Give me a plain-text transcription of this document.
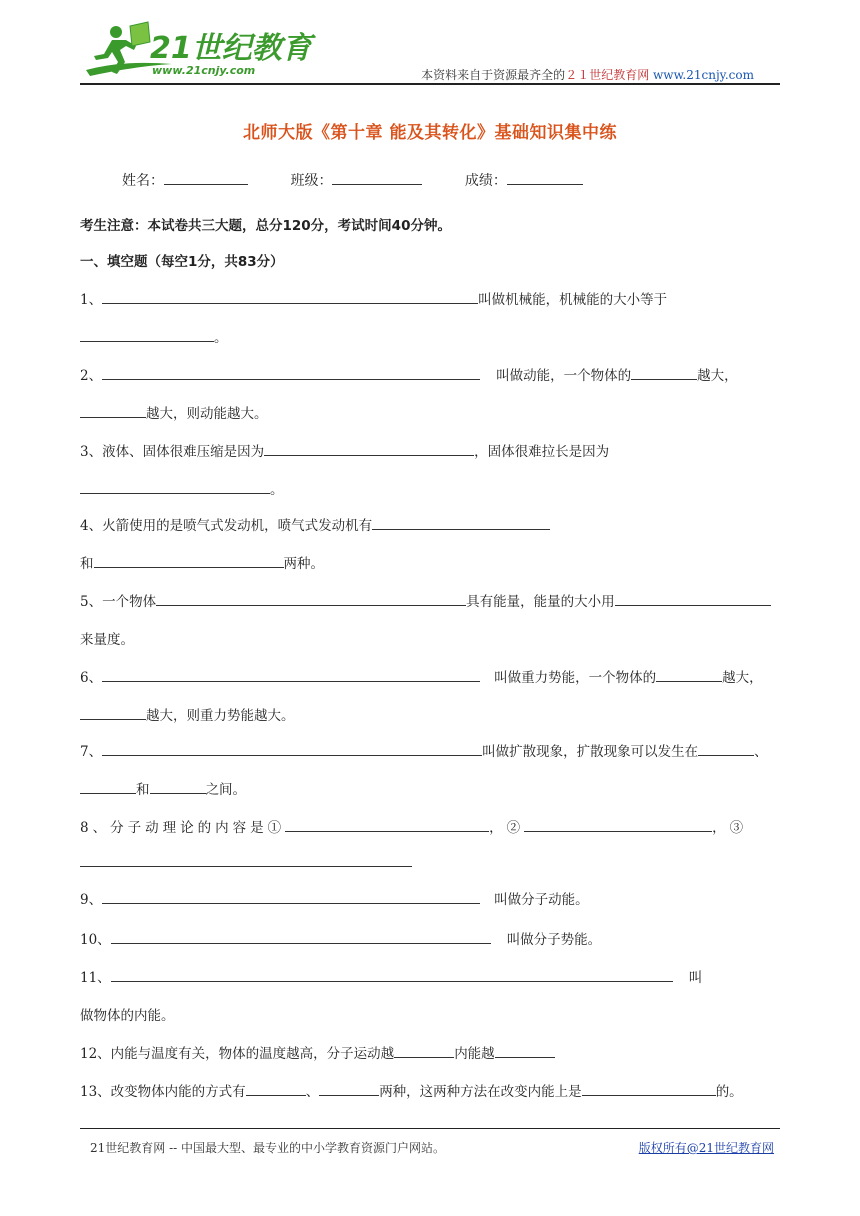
21世纪教育
www.21cnjy.com	本资料来自于资源最齐全的２１世纪教育网 www.21cnjy.com
北师大版《第十章 能及其转化》基础知识集中练
姓名：	班级：	成绩：
考生注意：本试卷共三大题，总分120分，考试时间40分钟。
一、填空题（每空1分，共83分）
1、	叫做机械能，机械能的大小等于
。
2、	叫做动能，一个物体的	越大，
越大，则动能越大。
3、液体、固体很难压缩是因为	，固体很难拉长是因为
。
4、火箭使用的是喷气式发动机，喷气式发动机有
和	两种。
5、一个物体	具有能量，能量的大小用
来量度。
6、	叫做重力势能，一个物体的	越大，
越大，则重力势能越大。
7、	叫做扩散现象，扩散现象可以发生在	、
和	之间。
8、分子动理论的内容是①	，②	，③
9、	叫做分子动能。
10、	叫做分子势能。
11、	叫
做物体的内能。
12、内能与温度有关，物体的温度越高，分子运动越	内能越
13、改变物体内能的方式有	、	两种，这两种方法在改变内能上是	的。
21世纪教育网 -- 中国最大型、最专业的中小学教育资源门户网站。	版权所有@21世纪教育网
